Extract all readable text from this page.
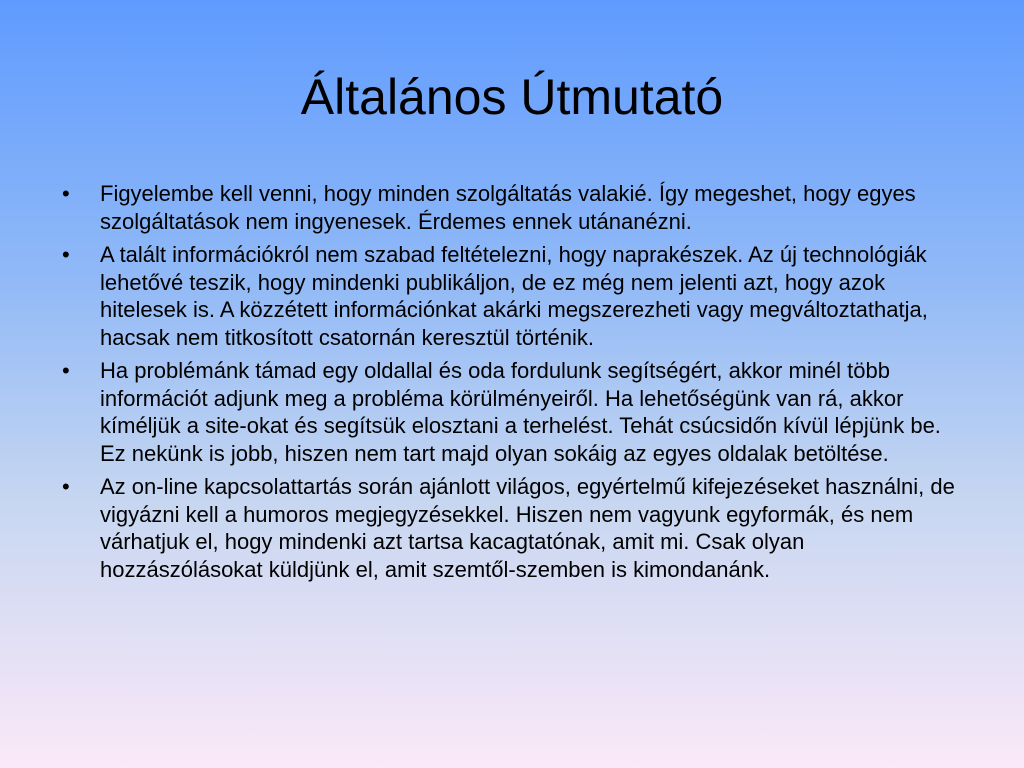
Általános Útmutató
•	Figyelembe kell venni, hogy minden szolgáltatás valakié. Így megeshet, hogy egyes szolgáltatások nem ingyenesek. Érdemes ennek utánanézni.
•	A talált információkról nem szabad feltételezni, hogy naprakészek. Az új technológiák lehetővé teszik, hogy mindenki publikáljon, de ez még nem jelenti azt, hogy azok hitelesek is. A közzétett információnkat akárki megszerezheti vagy megváltoztathatja, hacsak nem titkosított csatornán keresztül történik.
•	Ha problémánk támad egy oldallal és oda fordulunk segítségért, akkor minél több információt adjunk meg a probléma körülményeiről. Ha lehetőségünk van rá, akkor kíméljük a site-okat és segítsük elosztani a terhelést. Tehát csúcsidőn kívül lépjünk be. Ez nekünk is jobb, hiszen nem tart majd olyan sokáig az egyes oldalak betöltése.
•	Az on-line kapcsolattartás során ajánlott világos, egyértelmű kifejezéseket használni, de vigyázni kell a humoros megjegyzésekkel. Hiszen nem vagyunk egyformák, és nem várhatjuk el, hogy mindenki azt tartsa kacagtatónak, amit mi. Csak olyan hozzászólásokat küldjünk el, amit szemtől-szemben is kimondanánk.
